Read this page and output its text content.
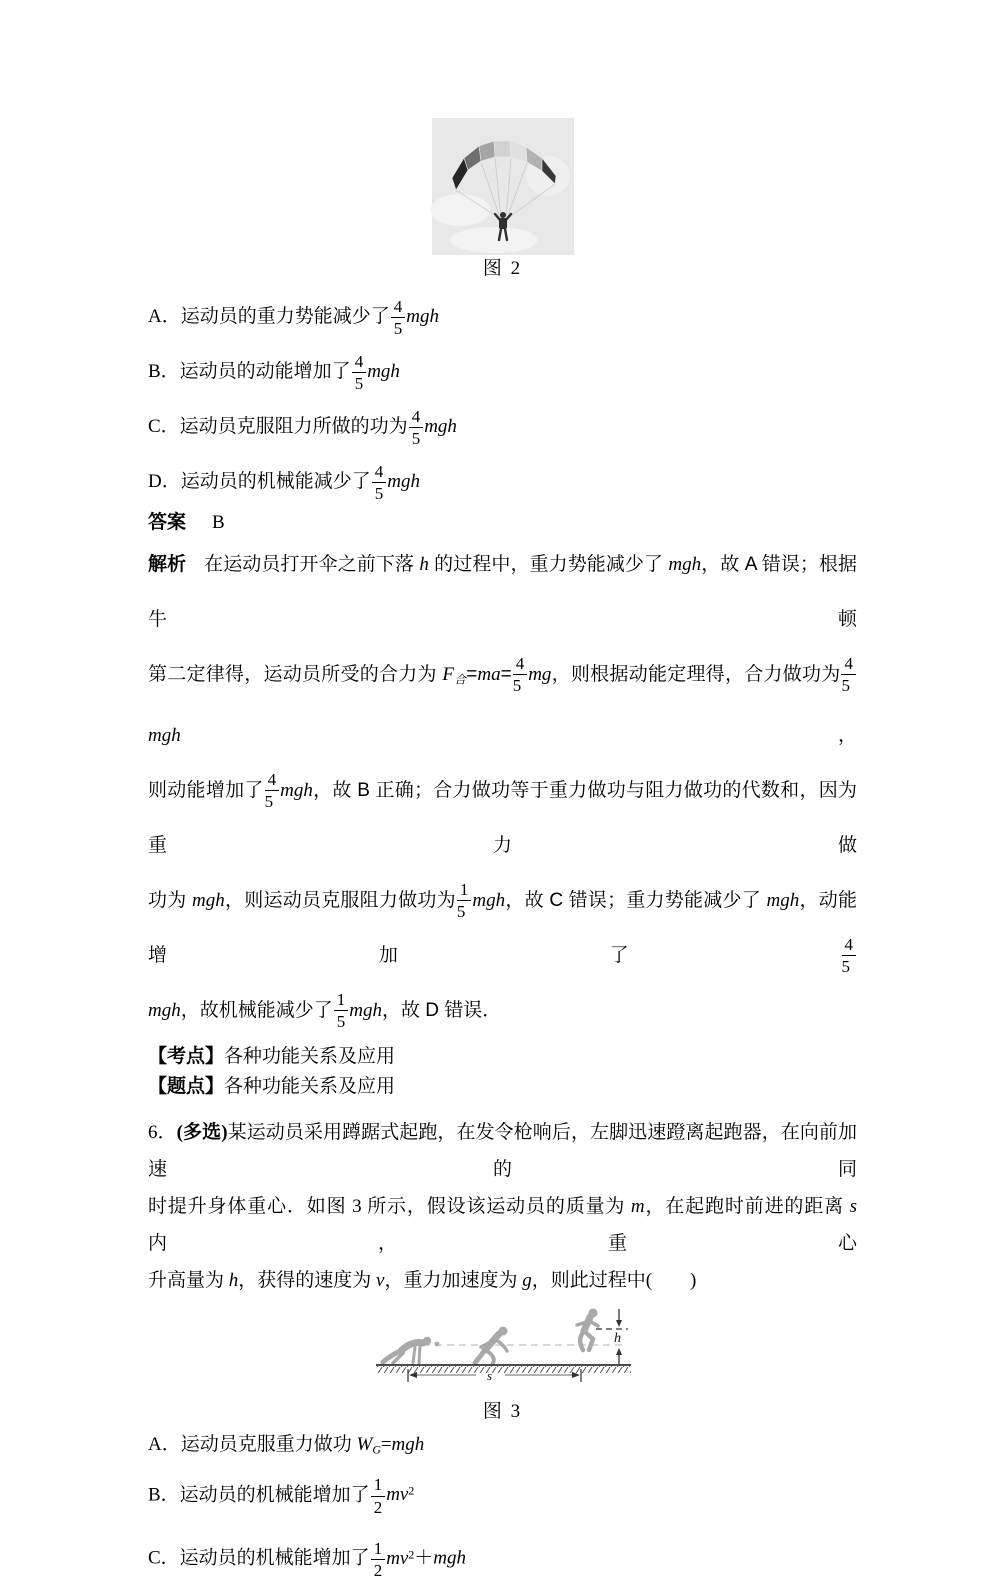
图 2
A．运动员的重力势能减少了 $\frac{4}{5}$ mgh
B．运动员的动能增加了 $\frac{4}{5}$ mgh
C．运动员克服阻力所做的功为 $\frac{4}{5}$ mgh
D．运动员的机械能减少了 $\frac{4}{5}$ mgh
答案 B
解析 在运动员打开伞之前下落 h 的过程中，重力势能减少了 mgh，故 A 错误；根据牛顿
第二定律得，运动员所受的合力为 $F_合=ma= \frac{4}{5}$ mg，则根据动能定理得，合力做功为 $\frac{4}{5}$
mgh，
则动能增加了 $\frac{4}{5}$ mgh，故 B 正确；合力做功等于重力做功与阻力做功的代数和，因为重力做
功为 mgh，则运动员克服阻力做功为 $\frac{1}{5}$ mgh，故 C 错误；重力势能减少了 mgh，动能增加了 $\frac{4}{5}$
mgh，故机械能减少了 $\frac{1}{5}$ mgh，故 D 错误．
【考点】各种功能关系及应用
【题点】各种功能关系及应用
6．(多选)某运动员采用蹲踞式起跑，在发令枪响后，左脚迅速蹬离起跑器，在向前加速的同
时提升身体重心．如图 3 所示，假设该运动员的质量为 m，在起跑时前进的距离 s 内，重心
升高量为 h，获得的速度为 v，重力加速度为 g，则此过程中(　　)
h
s
图 3
A．运动员克服重力做功 $W_G=mgh$
B．运动员的机械能增加了 $\frac{1}{2} mv^2$
C．运动员的机械能增加了 $\frac{1}{2} mv^2+mgh$
